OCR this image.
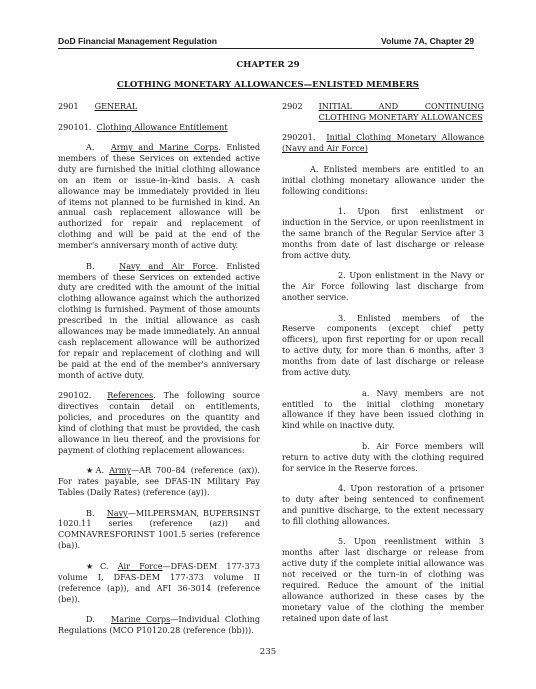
DoD Financial Management Regulation	Volume 7A, Chapter 29
CHAPTER 29
CLOTHING MONETARY ALLOWANCES—ENLISTED MEMBERS

2901 GENERAL

290101. Clothing Allowance Entitlement

A. Army and Marine Corps. Enlisted members of these Services on extended active duty are furnished the initial clothing allowance on an item or issue–in–kind basis. A cash allowance may be immediately provided in lieu of items not planned to be furnished in kind. An annual cash replacement allowance will be authorized for repair and replacement of clothing and will be paid at the end of the member's anniversary month of active duty.

B.	Navy and Air Force. Enlisted members of these Services on extended active duty are credited with the amount of the initial clothing allowance against which the authorized clothing is furnished. Payment of those amounts prescribed in the initial allowance as cash allowances may be made immediately. An annual cash replacement allowance will be authorized for repair and replacement of clothing and will be paid at the end of the member's anniversary month of active duty.

290102. References. The following source directives contain detail on entitlements, policies, and procedures on the quantity and kind of clothing that must be provided, the cash allowance in lieu thereof, and the provisions for payment of clothing replacement allowances:

★A. Army—AR 700–84 (reference (ax)). For rates payable, see DFAS-IN Military Pay Tables (Daily Rates) (reference (ay)).

B. Navy—MILPERSMAN, BUPERSINST 1020.11 series (reference (az)) and COMNAVRESFORINST 1001.5 series (reference (ba)).

★C. Air Force—DFAS-DEM 177-373 volume I, DFAS-DEM 177-373 volume II (reference (ap)), and AFI 36-3014 (reference (be)).

D. Marine Corps—Individual Clothing Regulations (MCO P10120.28 (reference (bb))).

2902 INITIAL AND CONTINUING CLOTHING MONETARY ALLOWANCES

290201. Initial Clothing Monetary Allowance (Navy and Air Force)

A. Enlisted members are entitled to an initial clothing monetary allowance under the following conditions:

1. Upon first enlistment or induction in the Service, or upon reenlistment in the same branch of the Regular Service after 3 months from date of last discharge or release from active duty.

2. Upon enlistment in the Navy or the Air Force following last discharge from another service.

3. Enlisted members of the Reserve components (except chief petty officers), upon first reporting for or upon recall to active duty, for more than 6 months, after 3 months from date of last discharge or release from active duty.

a. Navy members are not entitled to the initial clothing monetary allowance if they have been issued clothing in kind while on inactive duty.

b. Air Force members will return to active duty with the clothing required for service in the Reserve forces.

4. Upon restoration of a prisoner to duty after being sentenced to confinement and punitive discharge, to the extent necessary to fill clothing allowances.

5. Upon reenlistment within 3 months after last discharge or release from active duty if the complete initial allowance was not received or the turn–in of clothing was required. Reduce the amount of the initial allowance authorized in these cases by the monetary value of the clothing the member retained upon date of last

235
